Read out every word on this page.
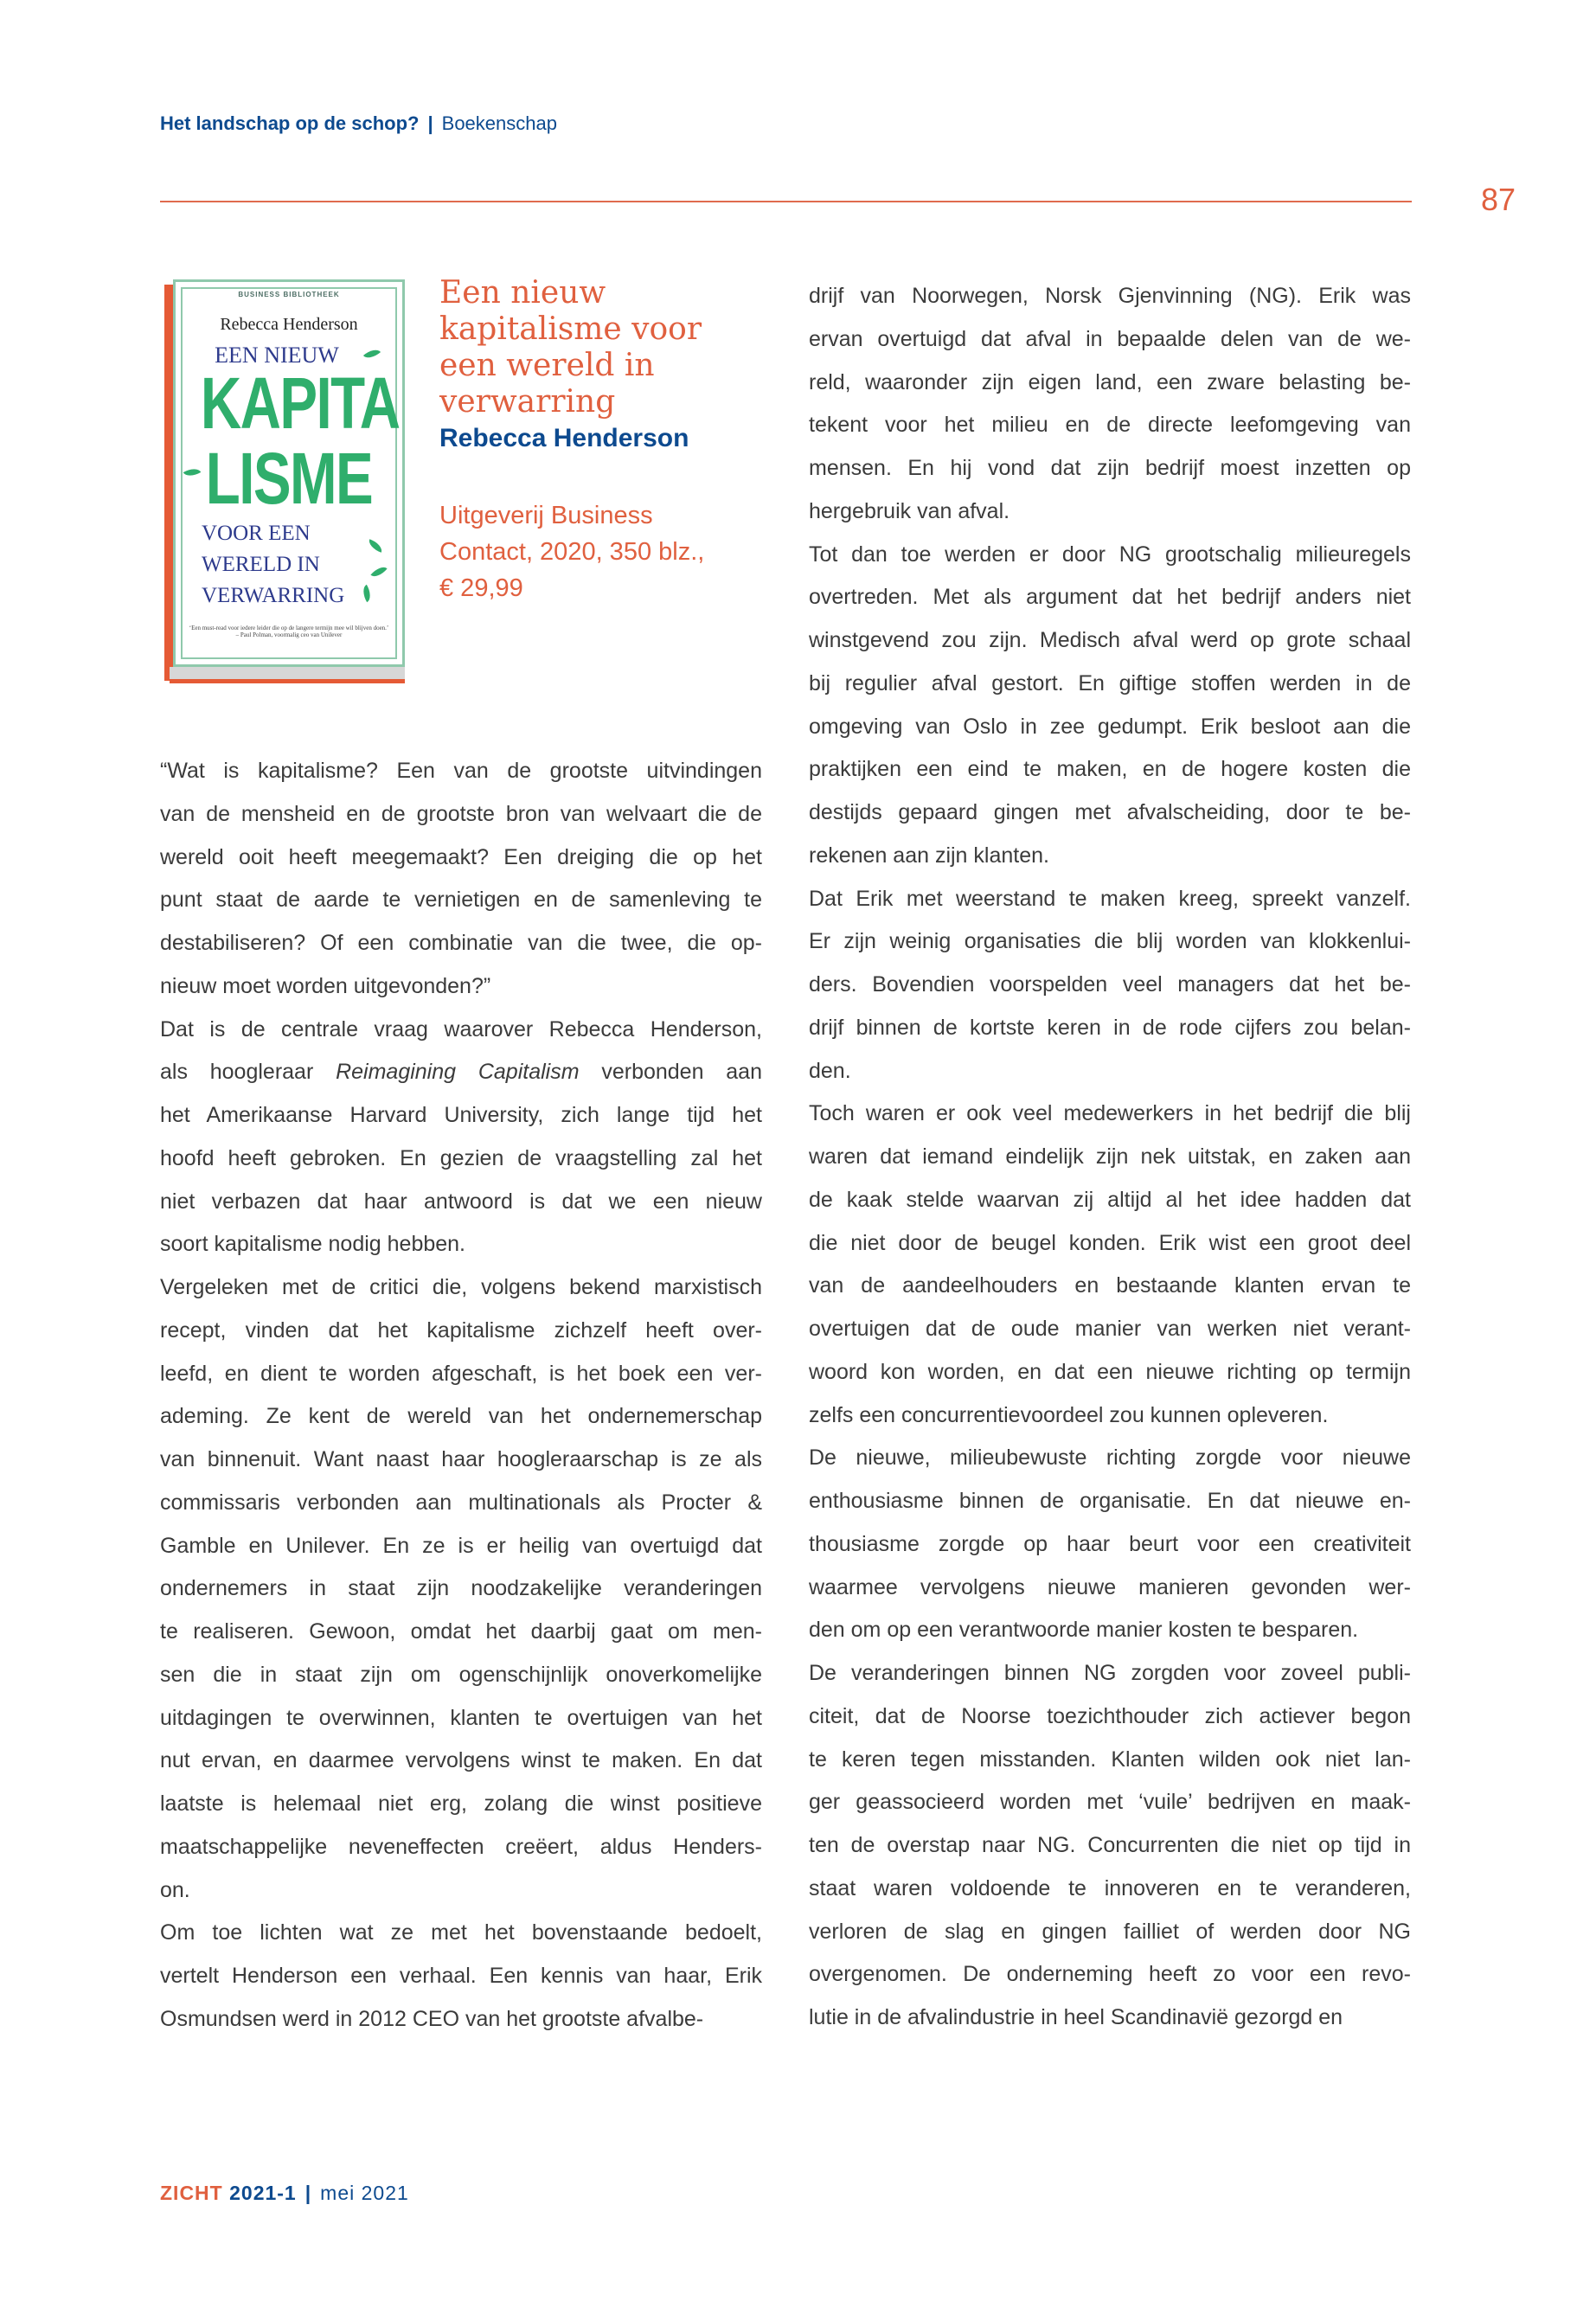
Het landschap op de schop? | Boekenschap
87
BUSINESS BIBLIOTHEEK
Rebecca Henderson
EEN NIEUW
KAPITA
LISME
VOOR EEN
WERELD IN
VERWARRING
‘Een must-read voor iedere leider die op de langere termijn mee wil blijven doen.’ – Paul Polman, voormalig ceo van Unilever
Een nieuw
kapitalisme voor
een wereld in
verwarring
Rebecca Henderson
Uitgeverij Business
Contact, 2020, 350 blz.,
€ 29,99
“Wat is kapitalisme? Een van de grootste uitvindingen
van de mensheid en de grootste bron van welvaart die de
wereld ooit heeft meegemaakt? Een dreiging die op het
punt staat de aarde te vernietigen en de samenleving te
destabiliseren? Of een combinatie van die twee, die op-
nieuw moet worden uitgevonden?”
Dat is de centrale vraag waarover Rebecca Henderson,
als hoogleraar Reimagining Capitalism verbonden aan
het Amerikaanse Harvard University, zich lange tijd het
hoofd heeft gebroken. En gezien de vraagstelling zal het
niet verbazen dat haar antwoord is dat we een nieuw
soort kapitalisme nodig hebben.
Vergeleken met de critici die, volgens bekend marxistisch
recept, vinden dat het kapitalisme zichzelf heeft over-
leefd, en dient te worden afgeschaft, is het boek een ver-
ademing. Ze kent de wereld van het ondernemerschap
van binnenuit. Want naast haar hoogleraarschap is ze als
commissaris verbonden aan multinationals als Procter &
Gamble en Unilever. En ze is er heilig van overtuigd dat
ondernemers in staat zijn noodzakelijke veranderingen
te realiseren. Gewoon, omdat het daarbij gaat om men-
sen die in staat zijn om ogenschijnlijk onoverkomelijke
uitdagingen te overwinnen, klanten te overtuigen van het
nut ervan, en daarmee vervolgens winst te maken. En dat
laatste is helemaal niet erg, zolang die winst positieve
maatschappelijke neveneffecten creëert, aldus Henders-
on.
Om toe lichten wat ze met het bovenstaande bedoelt,
vertelt Henderson een verhaal. Een kennis van haar, Erik
Osmundsen werd in 2012 CEO van het grootste afvalbe-
drijf van Noorwegen, Norsk Gjenvinning (NG). Erik was
ervan overtuigd dat afval in bepaalde delen van de we-
reld, waaronder zijn eigen land, een zware belasting be-
tekent voor het milieu en de directe leefomgeving van
mensen. En hij vond dat zijn bedrijf moest inzetten op
hergebruik van afval.
Tot dan toe werden er door NG grootschalig milieuregels
overtreden. Met als argument dat het bedrijf anders niet
winstgevend zou zijn. Medisch afval werd op grote schaal
bij regulier afval gestort. En giftige stoffen werden in de
omgeving van Oslo in zee gedumpt. Erik besloot aan die
praktijken een eind te maken, en de hogere kosten die
destijds gepaard gingen met afvalscheiding, door te be-
rekenen aan zijn klanten.
Dat Erik met weerstand te maken kreeg, spreekt vanzelf.
Er zijn weinig organisaties die blij worden van klokkenlui-
ders. Bovendien voorspelden veel managers dat het be-
drijf binnen de kortste keren in de rode cijfers zou belan-
den.
Toch waren er ook veel medewerkers in het bedrijf die blij
waren dat iemand eindelijk zijn nek uitstak, en zaken aan
de kaak stelde waarvan zij altijd al het idee hadden dat
die niet door de beugel konden. Erik wist een groot deel
van de aandeelhouders en bestaande klanten ervan te
overtuigen dat de oude manier van werken niet verant-
woord kon worden, en dat een nieuwe richting op termijn
zelfs een concurrentievoordeel zou kunnen opleveren.
De nieuwe, milieubewuste richting zorgde voor nieuwe
enthousiasme binnen de organisatie. En dat nieuwe en-
thousiasme zorgde op haar beurt voor een creativiteit
waarmee vervolgens nieuwe manieren gevonden wer-
den om op een verantwoorde manier kosten te besparen.
De veranderingen binnen NG zorgden voor zoveel publi-
citeit, dat de Noorse toezichthouder zich actiever begon
te keren tegen misstanden. Klanten wilden ook niet lan-
ger geassocieerd worden met ‘vuile’ bedrijven en maak-
ten de overstap naar NG. Concurrenten die niet op tijd in
staat waren voldoende te innoveren en te veranderen,
verloren de slag en gingen failliet of werden door NG
overgenomen. De onderneming heeft zo voor een revo-
lutie in de afvalindustrie in heel Scandinavië gezorgd en
ZICHT 2021-1 | mei 2021
